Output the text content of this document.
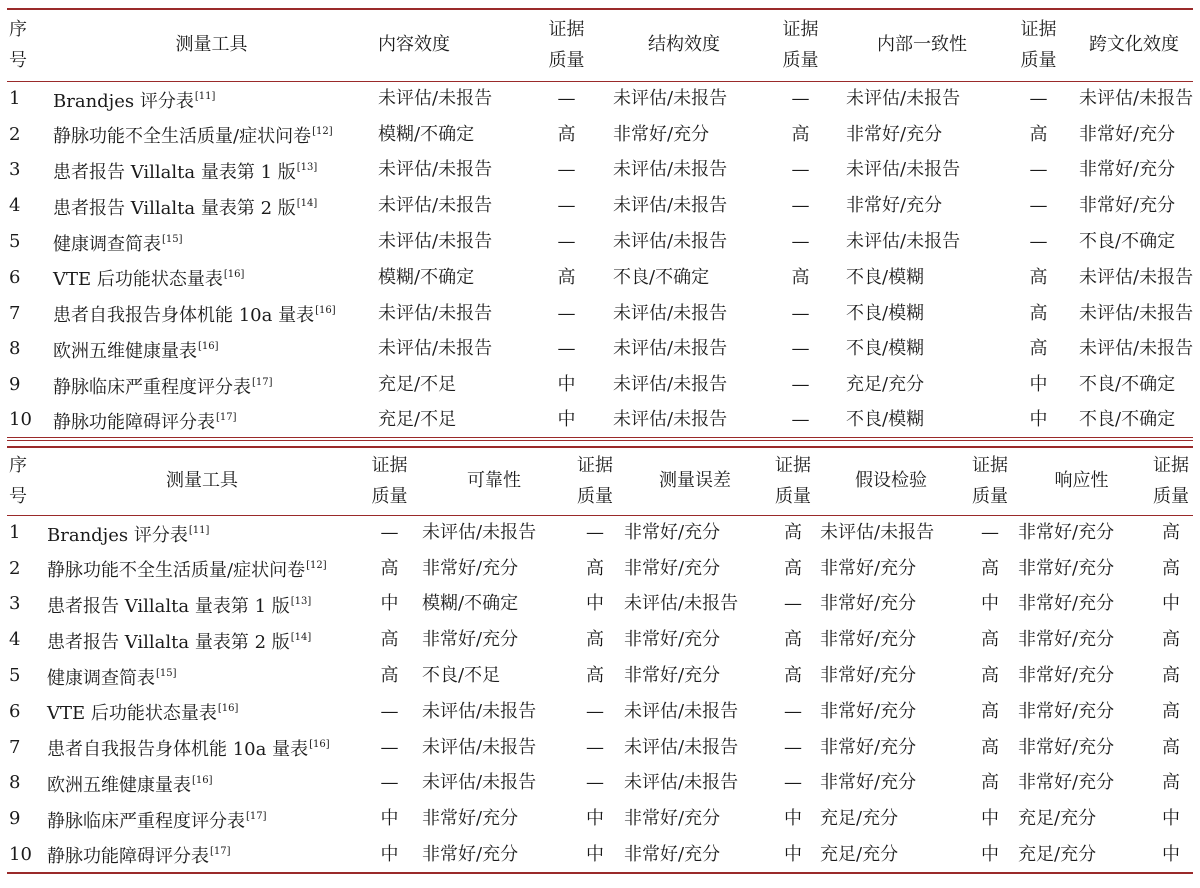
序
号	测量工具	内容效度	证据
质量	结构效度	证据
质量	内部一致性	证据
质量	跨文化效度
1	Brandjes 评分表[11]	未评估/未报告	—	未评估/未报告	—	未评估/未报告	—	未评估/未报告
2	静脉功能不全生活质量/症状问卷[12]	模糊/不确定	高	非常好/充分	高	非常好/充分	高	非常好/充分
3	患者报告 Villalta 量表第 1 版[13]	未评估/未报告	—	未评估/未报告	—	未评估/未报告	—	非常好/充分
4	患者报告 Villalta 量表第 2 版[14]	未评估/未报告	—	未评估/未报告	—	非常好/充分	—	非常好/充分
5	健康调查简表[15]	未评估/未报告	—	未评估/未报告	—	未评估/未报告	—	不良/不确定
6	VTE 后功能状态量表[16]	模糊/不确定	高	不良/不确定	高	不良/模糊	高	未评估/未报告
7	患者自我报告身体机能 10a 量表[16]	未评估/未报告	—	未评估/未报告	—	不良/模糊	高	未评估/未报告
8	欧洲五维健康量表[16]	未评估/未报告	—	未评估/未报告	—	不良/模糊	高	未评估/未报告
9	静脉临床严重程度评分表[17]	充足/不足	中	未评估/未报告	—	充足/充分	中	不良/不确定
10	静脉功能障碍评分表[17]	充足/不足	中	未评估/未报告	—	不良/模糊	中	不良/不确定
序
号	测量工具	证据
质量	可靠性	证据
质量	测量误差	证据
质量	假设检验	证据
质量	响应性	证据
质量
1	Brandjes 评分表[11]	—	未评估/未报告	—	非常好/充分	高	未评估/未报告	—	非常好/充分	高
2	静脉功能不全生活质量/症状问卷[12]	高	非常好/充分	高	非常好/充分	高	非常好/充分	高	非常好/充分	高
3	患者报告 Villalta 量表第 1 版[13]	中	模糊/不确定	中	未评估/未报告	—	非常好/充分	中	非常好/充分	中
4	患者报告 Villalta 量表第 2 版[14]	高	非常好/充分	高	非常好/充分	高	非常好/充分	高	非常好/充分	高
5	健康调查简表[15]	高	不良/不足	高	非常好/充分	高	非常好/充分	高	非常好/充分	高
6	VTE 后功能状态量表[16]	—	未评估/未报告	—	未评估/未报告	—	非常好/充分	高	非常好/充分	高
7	患者自我报告身体机能 10a 量表[16]	—	未评估/未报告	—	未评估/未报告	—	非常好/充分	高	非常好/充分	高
8	欧洲五维健康量表[16]	—	未评估/未报告	—	未评估/未报告	—	非常好/充分	高	非常好/充分	高
9	静脉临床严重程度评分表[17]	中	非常好/充分	中	非常好/充分	中	充足/充分	中	充足/充分	中
10	静脉功能障碍评分表[17]	中	非常好/充分	中	非常好/充分	中	充足/充分	中	充足/充分	中
